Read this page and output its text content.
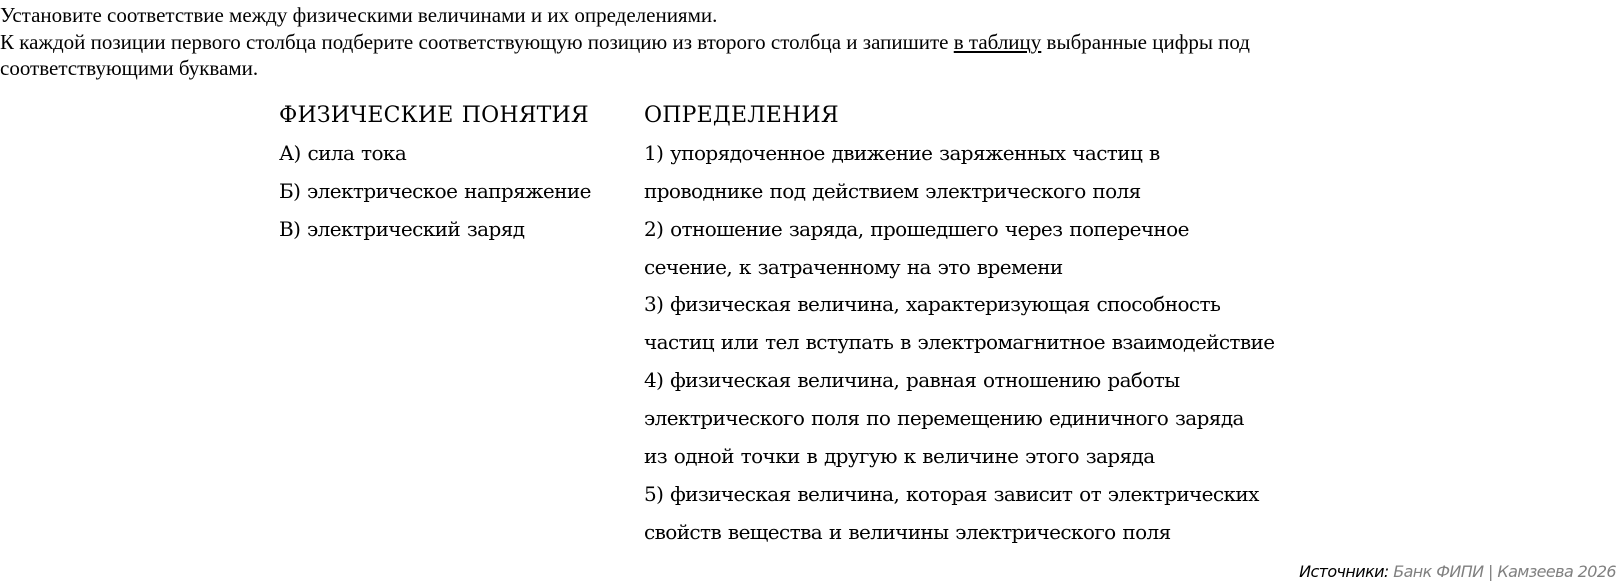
Установите соответствие между физическими величинами и их определениями.
К каждой позиции первого столбца подберите соответствующую позицию из второго столбца и запишите в таблицу выбранные цифры под
соответствующими буквами.
ФИЗИЧЕСКИЕ ПОНЯТИЯ
А) сила тока
Б) электрическое напряжение
В) электрический заряд
ОПРЕДЕЛЕНИЯ
1) упорядоченное движение заряженных частиц в
проводнике под действием электрического поля
2) отношение заряда, прошедшего через поперечное
сечение, к затраченному на это времени
3) физическая величина, характеризующая способность
частиц или тел вступать в электромагнитное взаимодействие
4) физическая величина, равная отношению работы
электрического поля по перемещению единичного заряда
из одной точки в другую к величине этого заряда
5) физическая величина, которая зависит от электрических
свойств вещества и величины электрического поля
Источники: Банк ФИПИ | Камзеева 2026
